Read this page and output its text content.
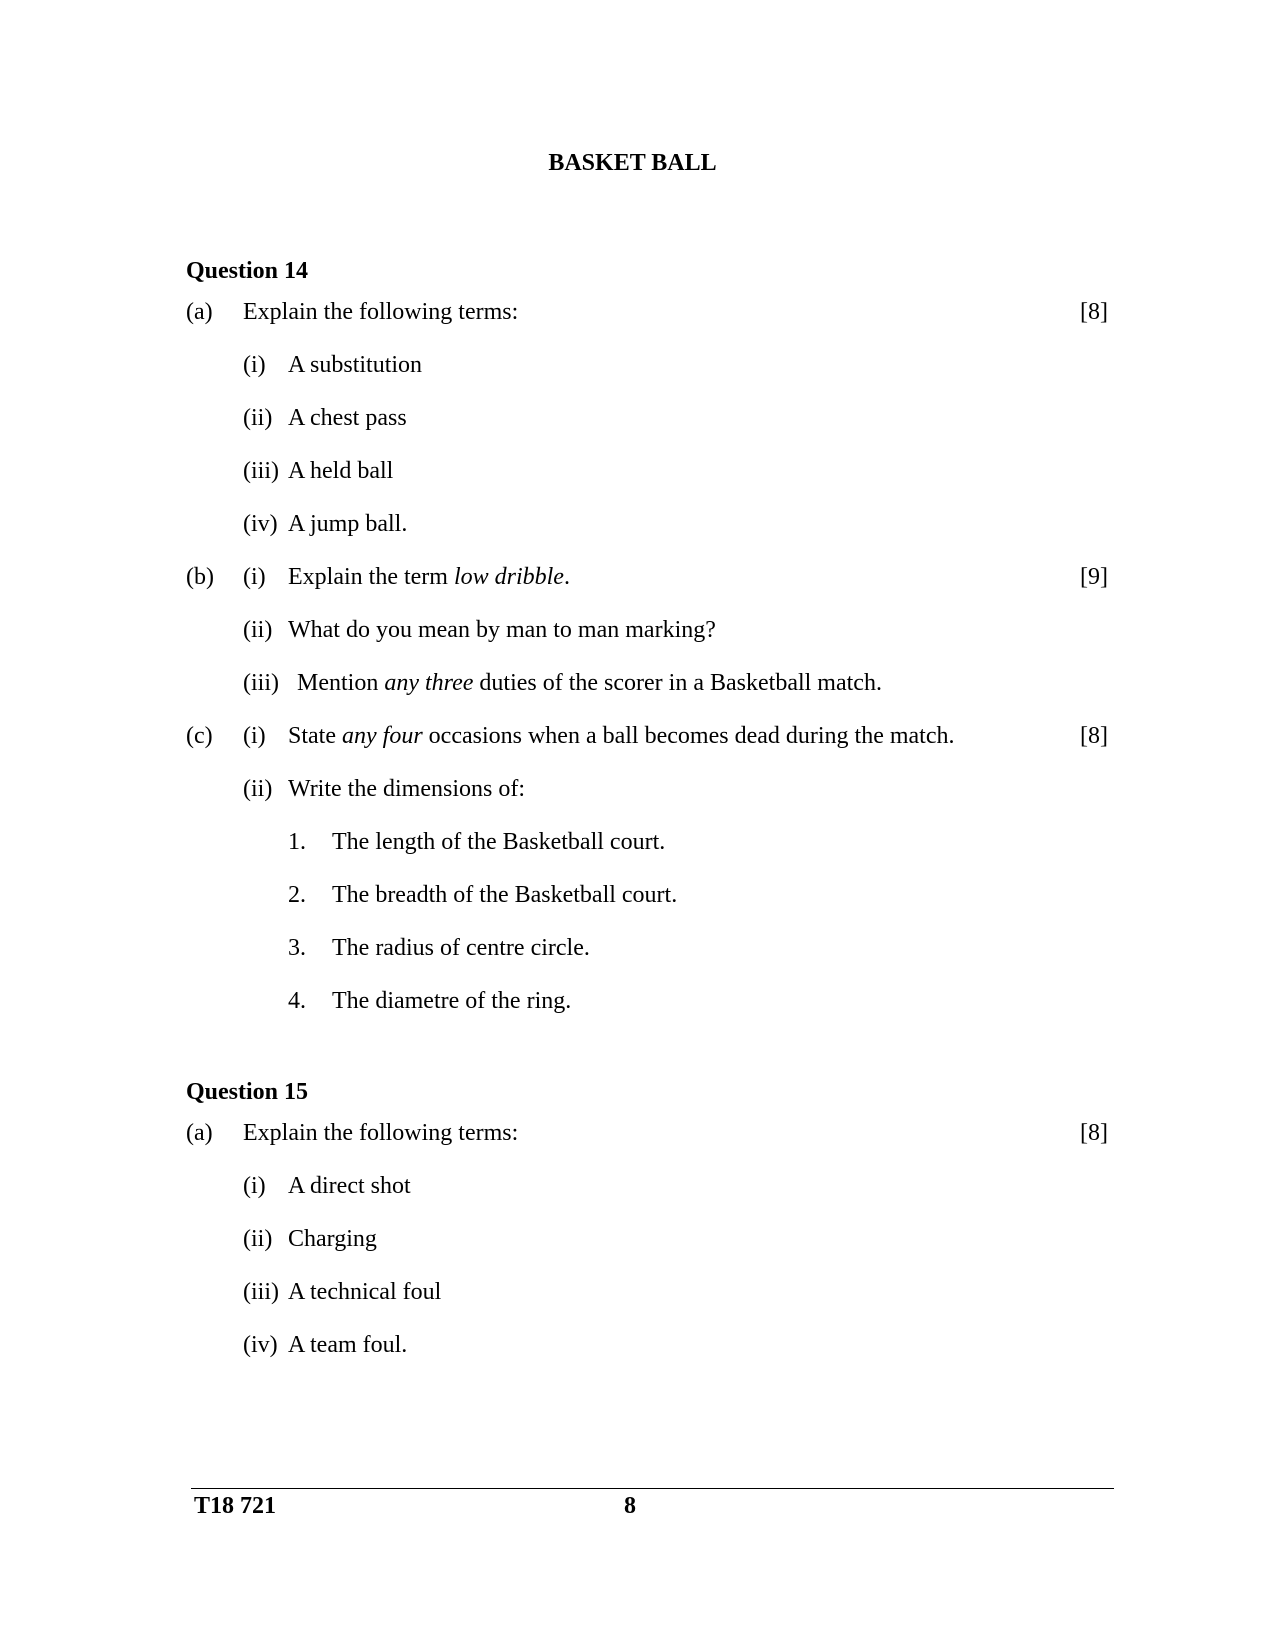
BASKET BALL
Question 14
(a) Explain the following terms:	[8]
(i) A substitution
(ii) A chest pass
(iii) A held ball
(iv) A jump ball.
(b) (i) Explain the term low dribble.	[9]
(ii) What do you mean by man to man marking?
(iii) Mention any three duties of the scorer in a Basketball match.
(c) (i) State any four occasions when a ball becomes dead during the match.	[8]
(ii) Write the dimensions of:
1. The length of the Basketball court.
2. The breadth of the Basketball court.
3. The radius of centre circle.
4. The diametre of the ring.
Question 15
(a) Explain the following terms:	[8]
(i) A direct shot
(ii) Charging
(iii) A technical foul
(iv) A team foul.
T18 721	8
